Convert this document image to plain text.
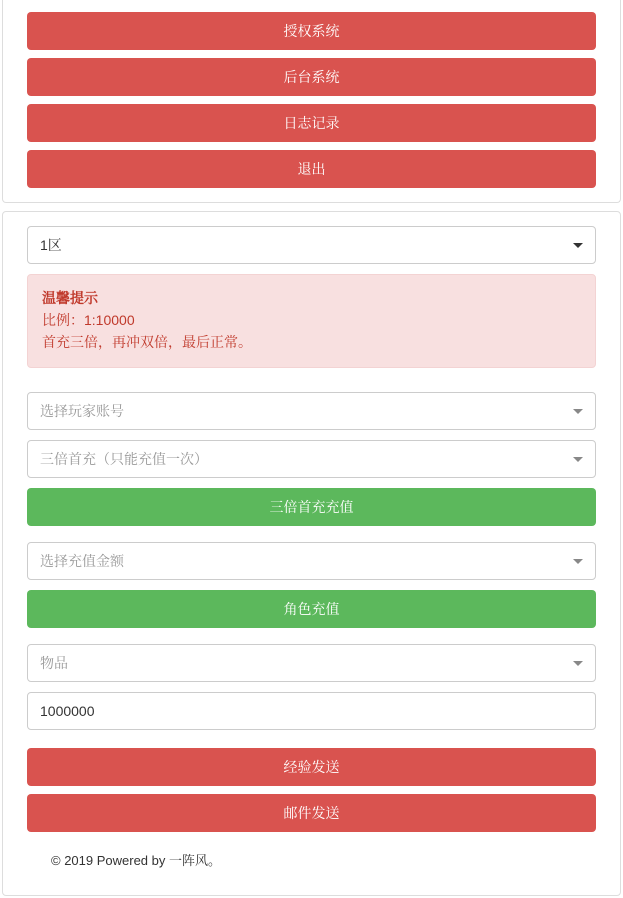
授权系统
后台系统
日志记录
退出
1区
温馨提示
比例：1:10000
首充三倍，再冲双倍，最后正常。
选择玩家账号
三倍首充（只能充值一次）
三倍首充充值
选择充值金额
角色充值
物品
1000000
经验发送
邮件发送
© 2019 Powered by 一阵风。
